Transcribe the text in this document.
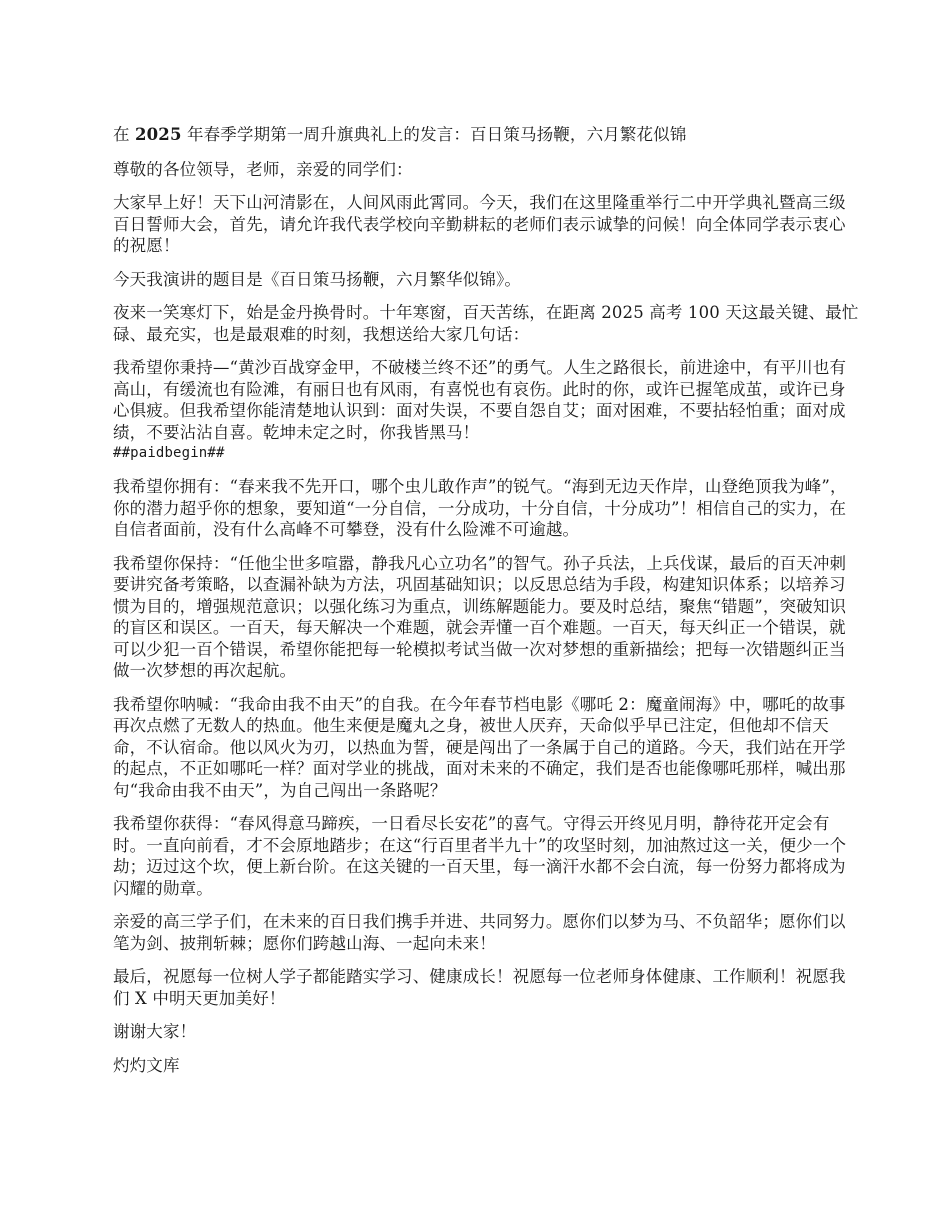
在 2025 年春季学期第一周升旗典礼上的发言：百日策马扬鞭，六月繁花似锦

尊敬的各位领导，老师，亲爱的同学们：

大家早上好！天下山河清影在，人间风雨此霄同。今天，我们在这里隆重举行二中开学典礼暨高三级百日誓师大会，首先，请允许我代表学校向辛勤耕耘的老师们表示诚挚的问候！向全体同学表示衷心的祝愿！

今天我演讲的题目是《百日策马扬鞭，六月繁华似锦》。

夜来一笑寒灯下，始是金丹换骨时。十年寒窗，百天苦练，在距离 2025 高考 100 天这最关键、最忙碌、最充实，也是最艰难的时刻，我想送给大家几句话：

我希望你秉持—“黄沙百战穿金甲，不破楼兰终不还”的勇气。人生之路很长，前进途中，有平川也有高山，有缓流也有险滩，有丽日也有风雨，有喜悦也有哀伤。此时的你，或许已握笔成茧，或许已身心俱疲。但我希望你能清楚地认识到：面对失误，不要自怨自艾；面对困难，不要拈轻怕重；面对成绩，不要沾沾自喜。乾坤未定之时，你我皆黑马！
##paidbegin##

我希望你拥有：“春来我不先开口，哪个虫儿敢作声”的锐气。“海到无边天作岸，山登绝顶我为峰”，你的潜力超乎你的想象，要知道“一分自信，一分成功，十分自信，十分成功”！相信自己的实力，在自信者面前，没有什么高峰不可攀登，没有什么险滩不可逾越。

我希望你保持：“任他尘世多喧嚣，静我凡心立功名”的智气。孙子兵法，上兵伐谋，最后的百天冲刺要讲究备考策略，以查漏补缺为方法，巩固基础知识；以反思总结为手段，构建知识体系；以培养习惯为目的，增强规范意识；以强化练习为重点，训练解题能力。要及时总结，聚焦“错题”，突破知识的盲区和误区。一百天，每天解决一个难题，就会弄懂一百个难题。一百天，每天纠正一个错误，就可以少犯一百个错误，希望你能把每一轮模拟考试当做一次对梦想的重新描绘；把每一次错题纠正当做一次梦想的再次起航。

我希望你呐喊：“我命由我不由天”的自我。在今年春节档电影《哪吒 2：魔童闹海》中，哪吒的故事再次点燃了无数人的热血。他生来便是魔丸之身，被世人厌弃，天命似乎早已注定，但他却不信天命，不认宿命。他以风火为刃，以热血为誓，硬是闯出了一条属于自己的道路。今天，我们站在开学的起点，不正如哪吒一样？面对学业的挑战，面对未来的不确定，我们是否也能像哪吒那样，喊出那句“我命由我不由天”，为自己闯出一条路呢？

我希望你获得：“春风得意马蹄疾，一日看尽长安花”的喜气。守得云开终见月明，静待花开定会有时。一直向前看，才不会原地踏步；在这“行百里者半九十”的攻坚时刻，加油熬过这一关，便少一个劫；迈过这个坎，便上新台阶。在这关键的一百天里，每一滴汗水都不会白流，每一份努力都将成为闪耀的勋章。

亲爱的高三学子们，在未来的百日我们携手并进、共同努力。愿你们以梦为马、不负韶华；愿你们以笔为剑、披荆斩棘；愿你们跨越山海、一起向未来！

最后，祝愿每一位树人学子都能踏实学习、健康成长！祝愿每一位老师身体健康、工作顺利！祝愿我们 X 中明天更加美好！

谢谢大家！

灼灼文库
